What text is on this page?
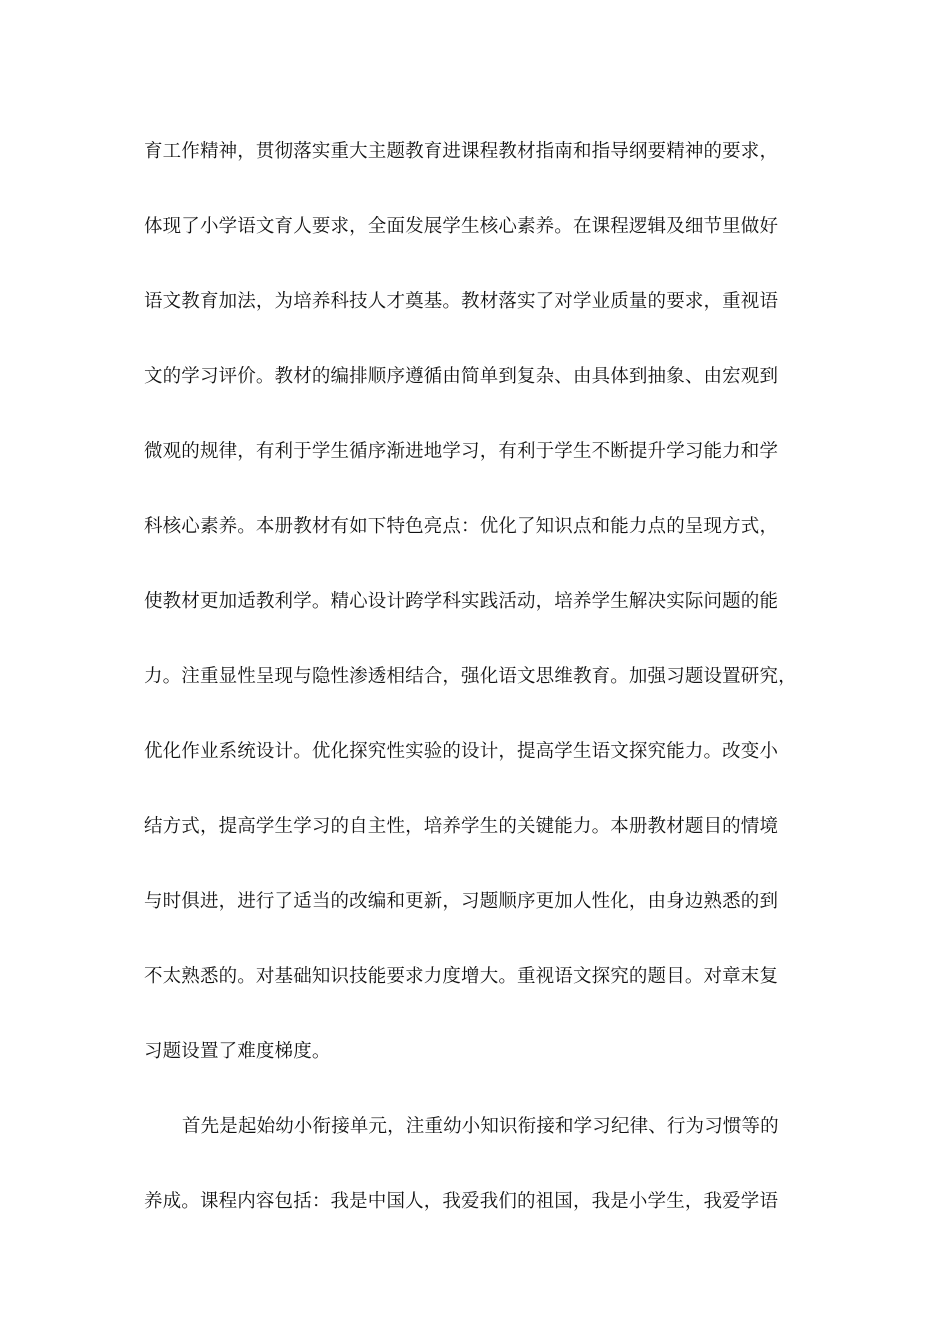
育工作精神，贯彻落实重大主题教育进课程教材指南和指导纲要精神的要求，
体现了小学语文育人要求，全面发展学生核心素养。在课程逻辑及细节里做好
语文教育加法，为培养科技人才奠基。教材落实了对学业质量的要求，重视语
文的学习评价。教材的编排顺序遵循由简单到复杂、由具体到抽象、由宏观到
微观的规律，有利于学生循序渐进地学习，有利于学生不断提升学习能力和学
科核心素养。本册教材有如下特色亮点：优化了知识点和能力点的呈现方式，
使教材更加适教利学。精心设计跨学科实践活动，培养学生解决实际问题的能
力。注重显性呈现与隐性渗透相结合，强化语文思维教育。加强习题设置研究，
优化作业系统设计。优化探究性实验的设计，提高学生语文探究能力。改变小
结方式，提高学生学习的自主性，培养学生的关键能力。本册教材题目的情境
与时俱进，进行了适当的改编和更新，习题顺序更加人性化，由身边熟悉的到
不太熟悉的。对基础知识技能要求力度增大。重视语文探究的题目。对章末复
习题设置了难度梯度。
首先是起始幼小衔接单元，注重幼小知识衔接和学习纪律、行为习惯等的
养成。课程内容包括：我是中国人，我爱我们的祖国，我是小学生，我爱学语
